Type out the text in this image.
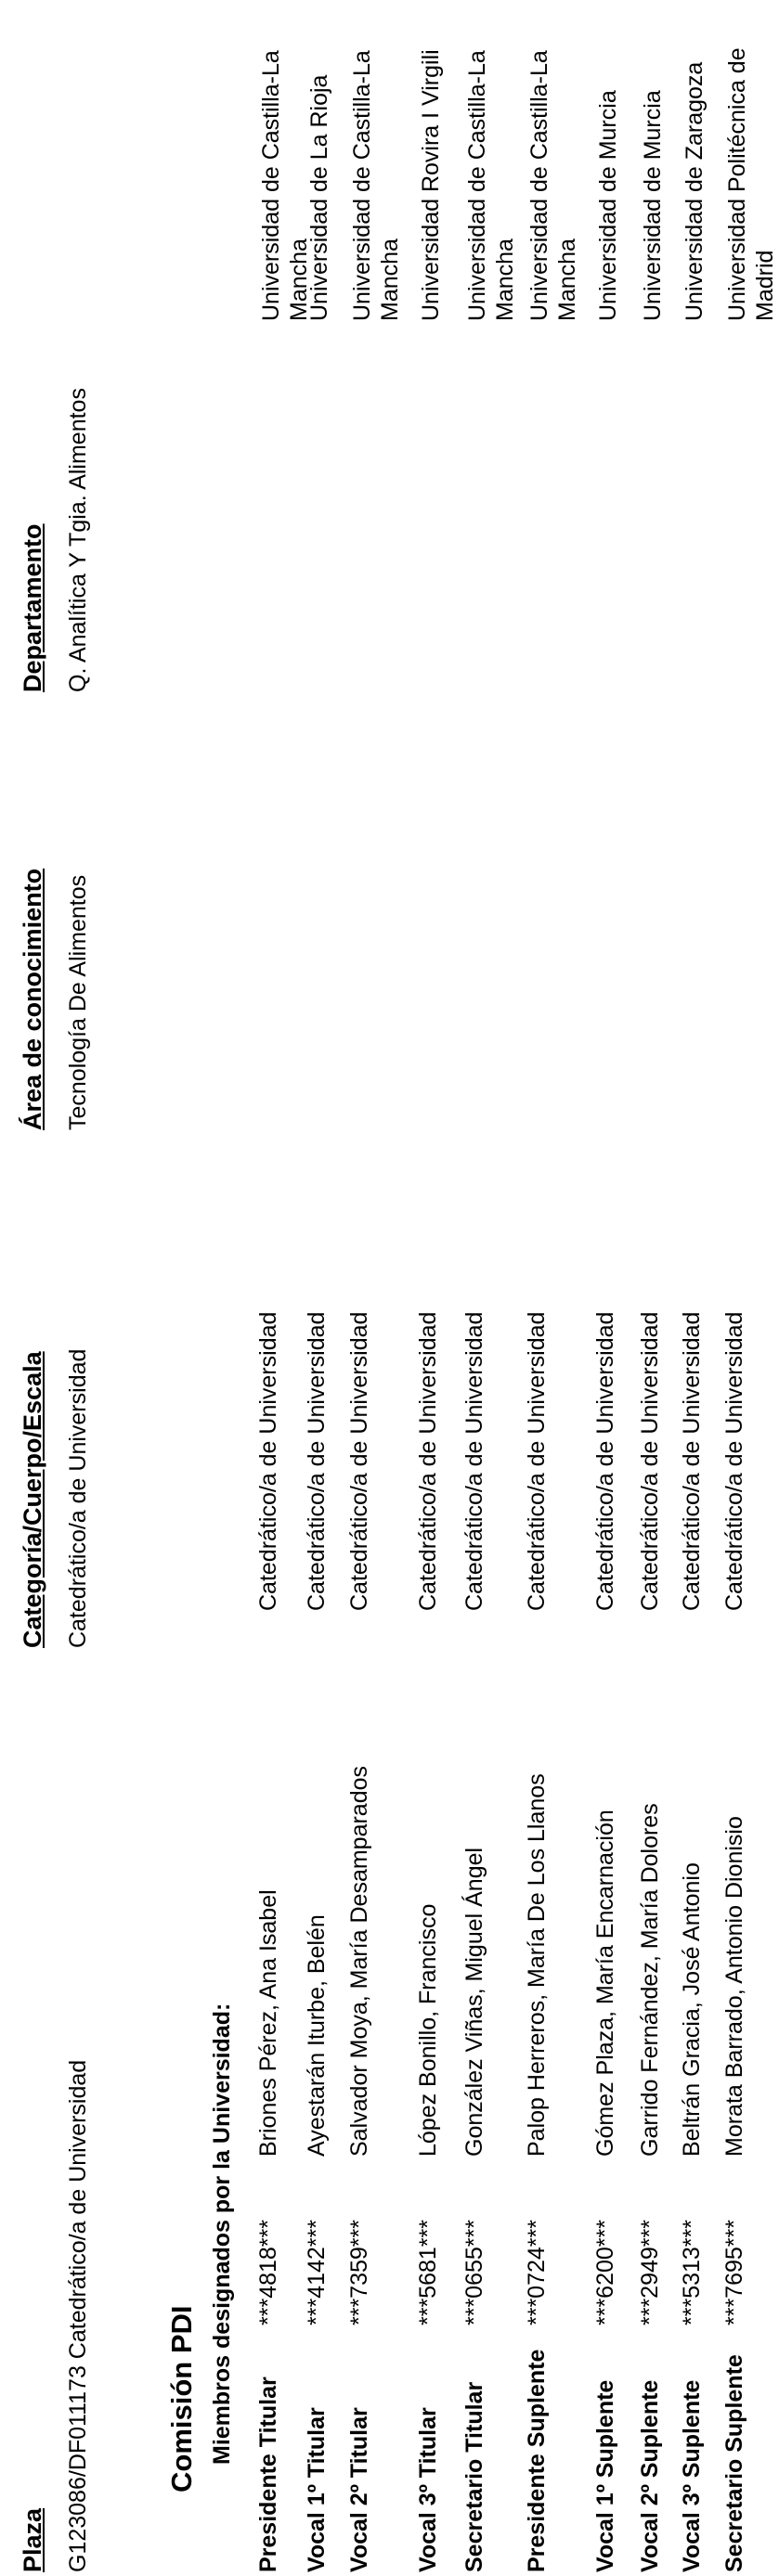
Plaza
Categoría/Cuerpo/Escala
Área de conocimiento
Departamento
G123086/DF011173 Catedrático/a de Universidad
Catedrático/a de Universidad
Tecnología De Alimentos
Q. Analítica Y Tgia. Alimentos
Comisión PDI Miembros designados por la Universidad:
Presidente Titular
***4818***
Briones Pérez, Ana Isabel
Catedrático/a de Universidad
Universidad de Castilla-La Mancha
Vocal 1º Titular
***4142***
Ayestarán Iturbe, Belén
Catedrático/a de Universidad
Universidad de La Rioja
Vocal 2º Titular
***7359***
Salvador Moya, María Desamparados
Catedrático/a de Universidad
Universidad de Castilla-La Mancha
Vocal 3º Titular
***5681***
López Bonillo, Francisco
Catedrático/a de Universidad
Universidad Rovira I Virgili
Secretario Titular
***0655***
González Viñas, Miguel Ángel
Catedrático/a de Universidad
Universidad de Castilla-La Mancha
Presidente Suplente
***0724***
Palop Herreros, María De Los Llanos
Catedrático/a de Universidad
Universidad de Castilla-La Mancha
Vocal 1º Suplente
***6200***
Gómez Plaza, María Encarnación
Catedrático/a de Universidad
Universidad de Murcia
Vocal 2º Suplente
***2949***
Garrido Fernández, María Dolores
Catedrático/a de Universidad
Universidad de Murcia
Vocal 3º Suplente
***5313***
Beltrán Gracia, José Antonio
Catedrático/a de Universidad
Universidad de Zaragoza
Secretario Suplente
***7695***
Morata Barrado, Antonio Dionisio
Catedrático/a de Universidad
Universidad Politécnica de Madrid
